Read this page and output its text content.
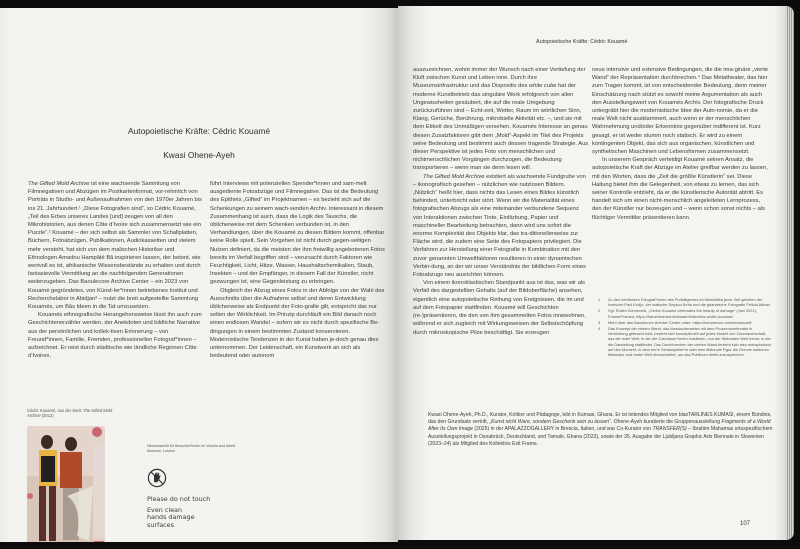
Autopoietische Kräfte: Cédric Kouamé
Kwasi Ohene-Ayeh

The Gifted Mold Archive ist eine wachsende Sammlung von Filmnegativen und Abzügen im Postkartenformat, vor-rehmlich von Porträts in Studio- und Außenaufnahmen von den 1970er Jahren bis ins 21. Jahrhundert.¹ „Diese Fotografien sind“, so Cédric Kouamé, „Teil des Erbes unseres Landes [und] zeugen von all den Mikrohistorien, aus denen Côte d’Ivoire sich zusammensetzt wie ein Puzzle“.² Kouamé – der sich selbst als Sammler von Schallplatten, Büchern, Fotoabzügen, Publikationen, Audiokassetten und vielem mehr versteht, hat sich von dem malischen Historiker und Ethnologen Amadou Hampâté Bâ inspirieren lassen, der betont, wie wertvoll es ist, afrikanische Wissensbestände zu erhalten und durch fantasievolle Vermittlung an die nachfolgenden Generationen weiterzugeben. Das Baoulecore Archive Center – ein 2023 von Kouamé gegründetes, von Künst-ler*innen betriebenes Institut und Recherchelabor in Abidjan³ – nutzt die breit aufgestellte Sammlung Kouamés, um Bâs Ideen in die Tat umzusetzen.

Kouamés ethnografische Herangehensweise lässt ihn auch zum Geschichtenerzähler werden, der Anekdoten und bildliche Narrative aus der persönlichen und kollek-tiven Erinnerung – von Freund*innen, Familie, Fremden, professionellen Fotograf*innen – aufzeichnet. Er reist durch städtische wie ländliche Regionen Côte d’Ivoires,

führt Interviews mit potenziellen Spender*innen und sam-melt ausgediente Fotoabzüge und Filmnegative. Das ist die Bedeutung des Epithets „Gifted“ im Projektnamen – es bezieht sich auf die Schenkungen zu seinem wach-senden Archiv. Interessant in diesem Zusammenhang ist auch, dass die Logik des Tauschs, die üblicherweise mit dem Schenken verbunden ist, in den Verhandlungen, über die Kouamé zu diesen Bildern kommt, offenbar keine Rolle spielt. Sein Vorgehen ist nicht durch gegen-seitigen Nutzen definiert, da die meisten der ihm freiwillig angebotenen Fotos bereits im Verfall begriffen sind – verursacht durch Faktoren wie Feuchtigkeit, Licht, Hitze, Wasser, Haushaltschemikalien, Staub, Insekten – und der Empfänger, in diesem Fall der Künstler, nicht gezwungen ist, eine Gegenleistung zu erbringen.

Obgleich der Abzug eines Fotos in der Abfolge von der Wahl des Ausschnitts über die Aufnahme selbst und deren Entwicklung üblicherweise als Endpunkt der Foto-grafie gilt, entspricht das nur selten der Wirklichkeit. Im Prinzip durchläuft ein Bild danach noch einen endlosen Wandel – sofern wir es nicht durch spezifische Be-dingungen in einem bestimmten Zustand konservieren. Modernistische Tendenzen in der Kunst haben je-doch genau dies unternommen. Der Leidenschaft, ein Kunstwerk an sich als bedeutend oder autonom

Cédric Kouamé, aus der Serie The Gifted Mold Archive (2012)
Hinweisschild für Besucher*innen im Victoria and Albert Museum, London
Please do not touch
Even clean hands damage surfaces
Autopoietische Kräfte: Cédric Kouamé

auszuzeichnen, wohnt immer der Wunsch nach einer Vertiefung der Kluft zwischen Kunst und Leben inne. Durch ihre Museumsinfrastruktur und das Dispositiv des white cube hat der moderne Kunstbetrieb das singuläre Werk erfolgreich von allen Ungewissheiten gesäubert, die auf die reale Umgebung zurückzuführen sind – Echt-zeit, Wetter, Raum im wörtlichen Sinn, Klang, Gerüche, Berührung, mikrobielle Aktivität etc. –, und sie mit dem Etikett des Unmäßigen versehen. Kouamés Interesse an genau diesen Zusatzfaktoren gibt dem „Mold“-Aspekt im Titel des Projekts seine Bedeutung und bestimmt auch dessen tragende Strategie. Aus dieser Perspektive ist jedes Foto von menschlichen und nichtmenschlichen Vorgängen durchzogen, die Bedeutung transportieren – wenn man sie denn lesen will.

The Gifted Mold Archive existiert als wachsende Fundgrube von – ikonografisch gesehen – nützlichen wie nutzlosen Bildern. „Nützlich“ heißt hier, dass nichts das Lesen eines Bildes künstlich behindert, unterbricht oder stört. Wenn wir die Materialität eines fotografischen Abzugs als eine miteinander verbundene Sequenz von Interaktionen zwischen Tinte, Einfärbung, Papier und maschineller Bearbeitung betrachten, dann wird uns sofort die enorme Komplexität des Objekts klar, das tra-ditionellerweise zur Fläche wird, die zudem eine Seite des Fotopapiers privilegiert. Die Verfahren zur Herstellung einer Fotografie in Kombination mit den zuvor genannten Umweltfaktoren resultieren in einer dynamischen Verbin-dung, an der wir unser Verständnis der bildlichen Form eines Fotoabzugs neu ausrichten können.

Von einem ikonoklastischen Standpunkt aus ist das, was wir als Verfall des dargestellten Gehalts (auf der Bildoberfläche) ansehen, eigentlich eine autopoietische Reihung von Ereignissen, die im und auf dem Fotopapier stattfinden. Kouamé will Geschichten (re-)präsentieren, die den von ihm gesammelten Fotos innewohnen, während er sich zugleich mit Wirkungsweisen der Selbstschöpfung durch mikroskopische Pilze beschäftigt. Sie erzeugen

neue intensive und extensive Bedingungen, die die ima-ginäre „vierte Wand“ der Repräsentation durchbrechen.⁴ Das Metatheater, das hier zum Tragen kommt, ist von entscheidender Bedeutung, denn meiner Einschätzung nach stützt es sowohl meine Argumentation als auch den Ausstellungswert von Kouamés Archiv. Der fotografische Druck untergräbt hier die modernistische Idee der Auto-nomie, da er die reale Welt nicht ausklammert, auch wenn er der menschlichen Wahrnehmung und/oder Erkenntnis gegenüber indifferent ist. Kurz gesagt, er ist weder stumm noch statisch. Er wird zu einem kontingenten Objekt, das sich aus organischen, künstlichen und synthetischen Maschinen und Lebensformen zusammensetzt.

In unserem Gespräch verteidigt Kouamé seinen Ansatz, die autopoietische Kraft der Abzüge im Atelier greifbar werden zu lassen, mit den Worten, dass die „Zeit die größte Künstlerin“ sei. Diese Haltung bietet ihm die Gelegenheit, von etwas zu lernen, das sich seiner Kontrolle entzieht, da er die künstlerische Autorität abtritt. Es handelt sich um einen nicht-menschlich angeleiteten Lernprozess, den der Künstler nur bezeugen und – wenn schon sonst nichts – als flüchtiger Vermittler präsentieren kann.

1	Zu den berühmten Fotograf*innen des Porträtgenres im Westafrika jener Zeit gehören der ivorische Paul Kodjo, der malische Seydou Keïta und die ghanaische Fotografin Felicia Abban.
2	Vgl. Rolien Zonneveld, „Cédric Kouamé celebrates the beauty of damage“ (Juni 2021), FramerFramed, https://framerframed.nl/dossier/interview-cedric-kouame/
3	Mehr über das Baoulecore Archive Center unter: https://baoulecore.com/en/accueil/
4	Das Konzept der vierten Wand, das klassischerweise mit dem Proszeniumtheater in Verbindung gebracht wird, bezieht sich konzeptionell auf jedes Modell von Zuschauerschaft, das die reale Welt, in der die Zuschauer*innen existieren, von der fiktionalen Welt trennt, in der die Darstellung stattfindet. Das Durchbrechen der vierten Wand bezieht sich also metaphorisch auf den Moment, in dem ein*e Schauspieler*in oder eine fiktionale Figur die Grenze zwischen fiktionaler und realer Welt überschreitet, um das Publikum direkt anzusprechen.
Kwasi Ohene-Ayeh, Ph.D., Kurator, Kritiker und Pädagoge, lebt in Kumasi, Ghana. Er ist leitendes Mitglied von blaxTARLINES KUMASI, einem Bündnis, das den Grundsatz vertritt, „Kunst nicht Ware, sondern Geschenk sein zu lassen“. Ohene-Ayeh kuratierte die Gruppenausstellung Fragments of a World After Its Own Image (2025) in der APALAZZOGALLERY in Brescia, Italien, und war Co-Kurator von TRANSFER(S) – Ibrahim Mahamas ortsspezifischem Ausstellungsprojekt in Osnabrück, Deutschland, und Tamale, Ghana (2023), sowie der 35. Ausgabe der Ljubljana Graphic Arts Biennale in Slowenien (2023–24) als Mitglied des Kollektivs Exit Frame.
107
